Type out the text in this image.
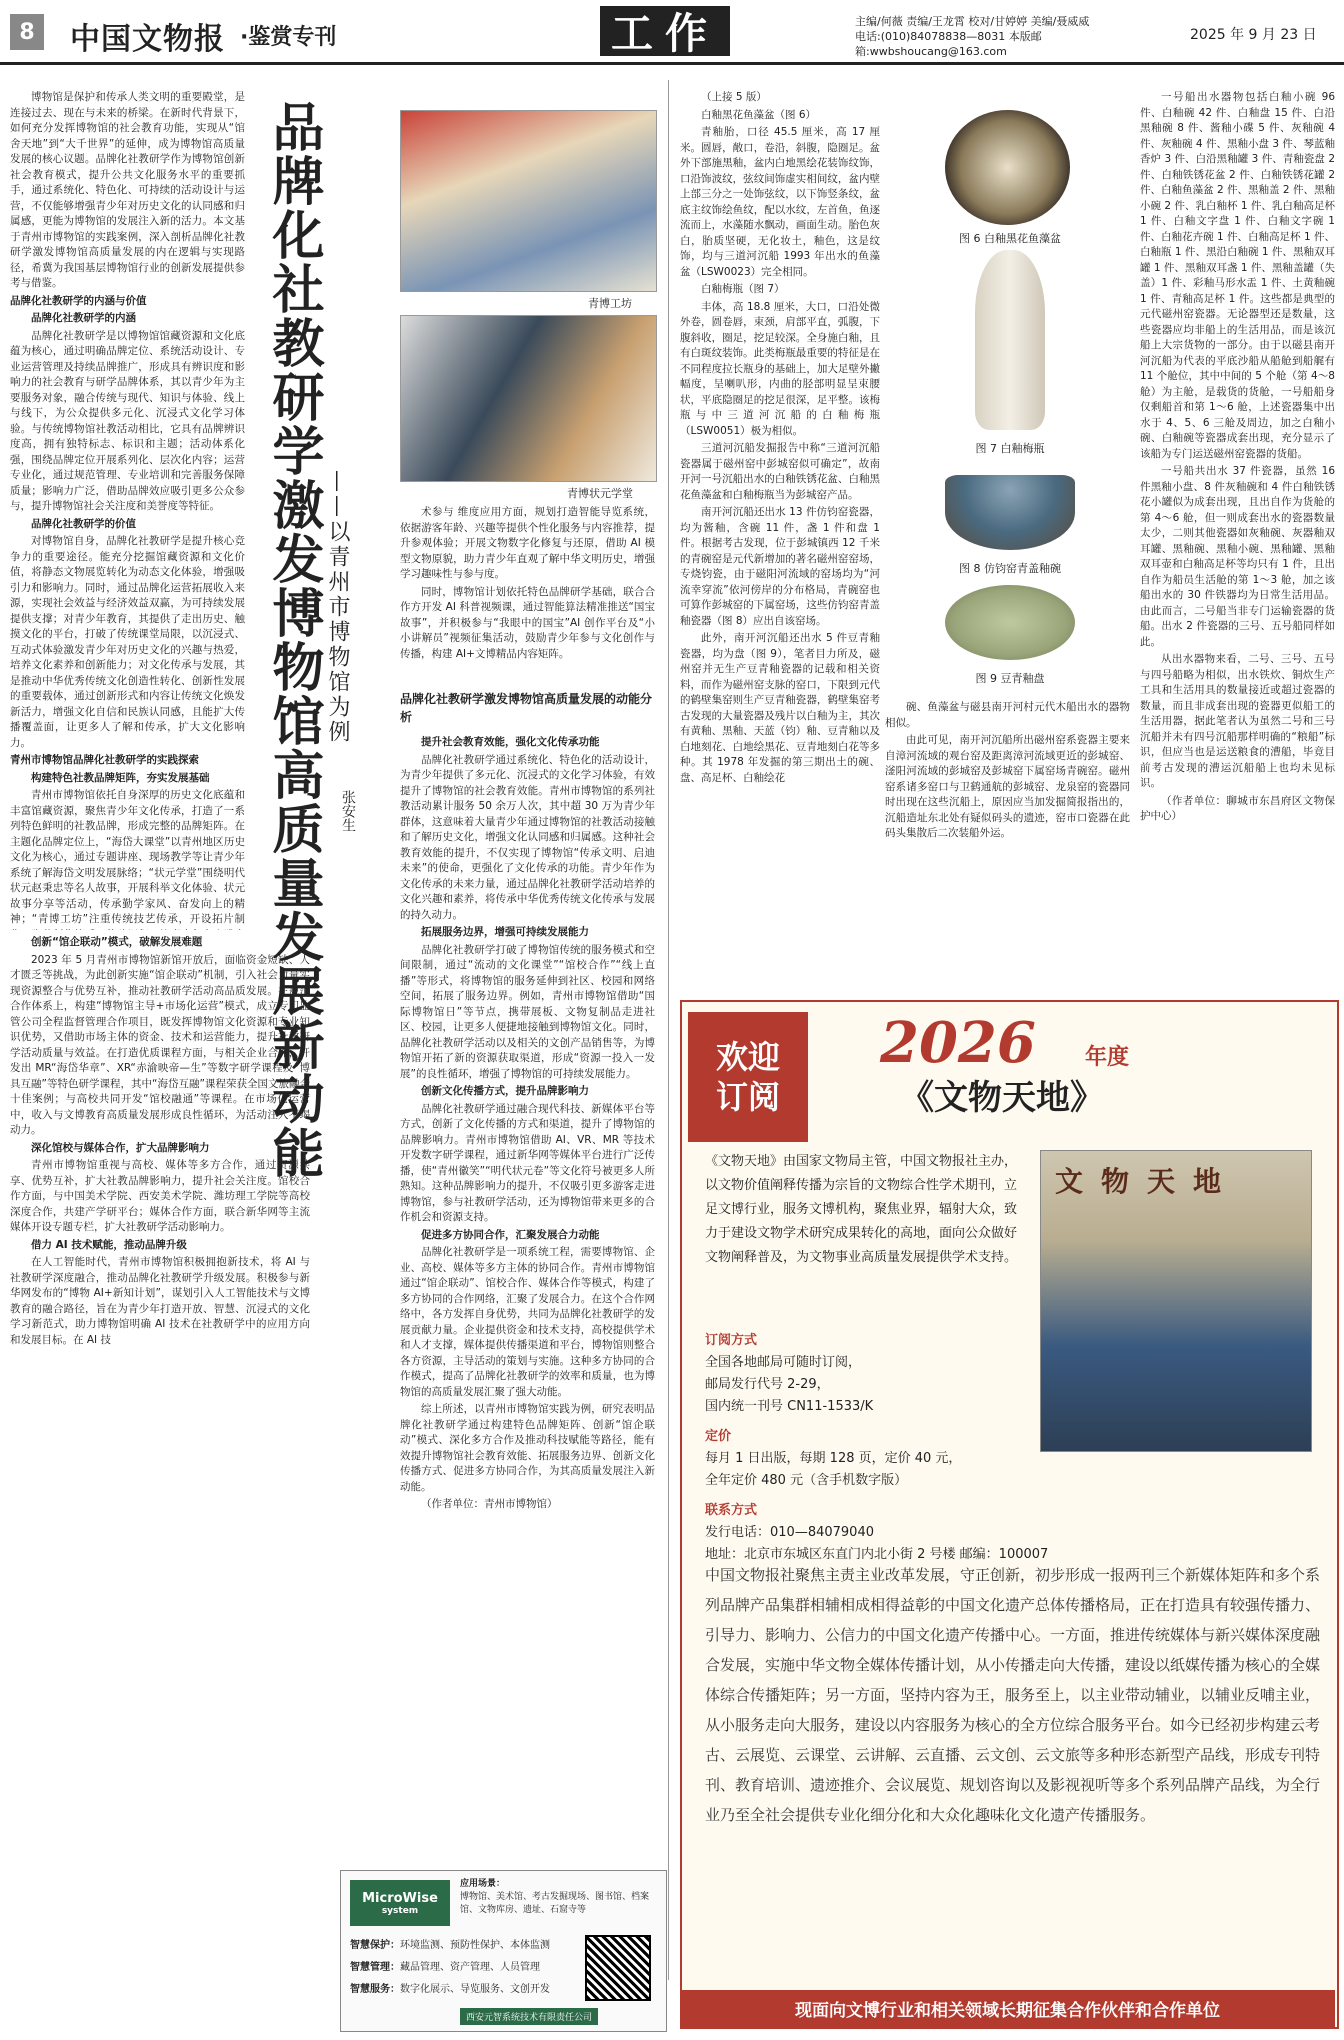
8	中国文物报 ·鉴赏专刊	工作	主编/何薇 责编/王龙霄 校对/甘婷婷 美编/聂威威
电话:(010)84078838—8031 本版邮箱:wwbshoucang@163.com
2025 年 9 月 23 日
品牌化社教研学激发博物馆高质量发展新动能 ——以青州市博物馆为例
张安生

博物馆是保护和传承人类文明的重要殿堂，是连接过去、现在与未来的桥梁。在新时代背景下，如何充分发挥博物馆的社会教育功能，实现从“馆舍天地”到“大千世界”的延伸，成为博物馆高质量发展的核心议题。品牌化社教研学作为博物馆创新社会教育模式，提升公共文化服务水平的重要抓手，通过系统化、特色化、可持续的活动设计与运营，不仅能够增强青少年对历史文化的认同感和归属感，更能为博物馆的发展注入新的活力。本文基于青州市博物馆的实践案例，深入剖析品牌化社教研学激发博物馆高质量发展的内在逻辑与实现路径，希冀为我国基层博物馆行业的创新发展提供参考与借鉴。

品牌化社教研学的内涵与价值

品牌化社教研学的内涵

品牌化社教研学是以博物馆馆藏资源和文化底蕴为核心，通过明确品牌定位、系统活动设计、专业运营管理及持续品牌推广，形成具有辨识度和影响力的社会教育与研学品牌体系，其以青少年为主要服务对象，融合传统与现代、知识与体验、线上与线下，为公众提供多元化、沉浸式文化学习体验。与传统博物馆社教活动相比，它具有品牌辨识度高，拥有独特标志、标识和主题；活动体系化强，围绕品牌定位开展系列化、层次化内容；运营专业化，通过规范管理、专业培训和完善服务保障质量；影响力广泛，借助品牌效应吸引更多公众参与，提升博物馆社会关注度和美誉度等特征。

品牌化社教研学的价值

对博物馆自身，品牌化社教研学是提升核心竞争力的重要途径。能充分挖掘馆藏资源和文化价值，将静态文物展览转化为动态文化体验，增强吸引力和影响力。同时，通过品牌化运营拓展收入来源，实现社会效益与经济效益双赢，为可持续发展提供支撑；对青少年教育，其提供了走出历史、触摸文化的平台，打破了传统课堂局限，以沉浸式、互动式体验激发青少年对历史文化的兴趣与热爱，培养文化素养和创新能力；对文化传承与发展，其是推动中华优秀传统文化创造性转化、创新性发展的重要载体，通过创新形式和内容让传统文化焕发新活力，增强文化自信和民族认同感，且能扩大传播覆盖面，让更多人了解和传承，扩大文化影响力。

青州市博物馆品牌化社教研学的实践探索

构建特色社教品牌矩阵，夯实发展基础

青州市博物馆依托自身深厚的历史文化底蕴和丰富馆藏资源，聚焦青少年文化传承，打造了一系列特色鲜明的社教品牌，形成完整的品牌矩阵。在主题化品牌定位上，“海岱大课堂”以青州地区历史文化为核心，通过专题讲座、现场教学等让青少年系统了解海岱文明发展脉络；“状元学堂”围绕明代状元赵秉忠等名人故事，开展科举文化体验、状元故事分享等活动，传承勤学家风、奋发向上的精神；“青博工坊”注重传统技艺传承，开设拓片制

创新“馆企联动”模式，破解发展难题

2023 年 5 月青州市博物馆新馆开放后，面临资金短缺、人才匮乏等挑战，为此创新实施“馆企联动”机制，引入社会力量实现资源整合与优势互补，推动社教研学活动高品质发展。在规范合作体系上，构建“博物馆主导+市场化运营”模式，成立专门监管公司全程监督管理合作项目，既发挥博物馆文化资源和专业知识优势，又借助市场主体的资金、技术和运营能力，提升社教研学活动质量与效益。在打造优质课程方面，与相关企业合作，开发出 MR“海岱华章”、XR“赤渝映帝—生”等数字研学课程及“博具互融”等特色研学课程，其中“海岱互融”课程荣获全国文旅融合十佳案例；与高校共同开发“馆校融通”等课程。在市场化运营中，收入与文博教育高质量发展形成良性循环，为活动注入不竭动力。

深化馆校与媒体合作，扩大品牌影响力

青州市博物馆重视与高校、媒体等多方合作，通过资源共享、优势互补，扩大社教品牌影响力，提升社会关注度。馆校合作方面，与中国美术学院、西安美术学院、潍坊理工学院等高校深度合作，共建产学研平台；媒体合作方面，联合新华网等主流媒体开设专题专栏，扩大社教研学活动影响力。

借力 AI 技术赋能，推动品牌升级

在人工智能时代，青州市博物馆积极拥抱新技术，将 AI 与社教研学深度融合，推动品牌化社教研学升级发展。积极参与新华网发布的“博物 AI+新知计划”，谋划引入人工智能技术与文博教育的融合路径，旨在为青少年打造开放、智慧、沉浸式的文化学习新范式，助力博物馆明确 AI 技术在社教研学中的应用方向和发展目标。在 AI 技

青博工坊
青博状元学堂

术参与 维度应用方面，规划打造智能导览系统，依据游客年龄、兴趣等提供个性化服务与内容推荐，提升参观体验；开展文物数字化修复与还原，借助 AI 模型文物原貌，助力青少年直观了解中华文明历史，增强学习趣味性与参与度。

同时，博物馆计划依托特色品牌研学基础，联合合作方开发 AI 科普视频课，通过智能算法精准推送“国宝故事”，并积极参与“我眼中的国宝”AI 创作平台及“小小讲解员”视频征集活动，鼓励青少年参与文化创作与传播，构建 AI+文博精品内容矩阵。

品牌化社教研学激发博物馆高质量发展的动能分析

提升社会教育效能，强化文化传承功能

品牌化社教研学通过系统化、特色化的活动设计，为青少年提供了多元化、沉浸式的文化学习体验，有效提升了博物馆的社会教育效能。青州市博物馆的系列社教活动累计服务 50 余万人次，其中超 30 万为青少年群体，这意味着大量青少年通过博物馆的社教活动接触和了解历史文化，增强文化认同感和归属感。这种社会教育效能的提升，不仅实现了博物馆“传承文明、启迪未来”的使命，更强化了文化传承的功能。青少年作为文化传承的未来力量，通过品牌化社教研学活动培养的文化兴趣和素养，将传承中华优秀传统文化传承与发展的持久动力。

拓展服务边界，增强可持续发展能力

品牌化社教研学打破了博物馆传统的服务模式和空间限制，通过“流动的文化课堂”“馆校合作”“线上直播”等形式，将博物馆的服务延伸到社区、校园和网络空间，拓展了服务边界。例如，青州市博物馆借助“国际博物馆日”等节点，携带展板、文物复制品走进社区、校园，让更多人便捷地接触到博物馆文化。同时，品牌化社教研学活动以及相关的文创产品销售等，为博物馆开拓了新的资源获取渠道，形成“资源一投入一发展”的良性循环，增强了博物馆的可持续发展能力。

创新文化传播方式，提升品牌影响力

品牌化社教研学通过融合现代科技、新媒体平台等方式，创新了文化传播的方式和渠道，提升了博物馆的品牌影响力。青州市博物馆借助 AI、VR、MR 等技术开发数字研学课程，通过新华网等媒体平台进行广泛传播，使“青州徽笑”“明代状元卷”等文化符号被更多人所熟知。这种品牌影响力的提升，不仅吸引更多游客走进博物馆，参与社教研学活动，还为博物馆带来更多的合作机会和资源支持。

促进多方协同合作，汇聚发展合力动能

品牌化社教研学是一项系统工程，需要博物馆、企业、高校、媒体等多方主体的协同合作。青州市博物馆通过“馆企联动”、馆校合作、媒体合作等模式，构建了多方协同的合作网络，汇聚了发展合力。在这个合作网络中，各方发挥自身优势，共同为品牌化社教研学的发展贡献力量。企业提供资金和技术支持，高校提供学术和人才支撑，媒体提供传播渠道和平台，博物馆则整合各方资源，主导活动的策划与实施。这种多方协同的合作模式，提高了品牌化社教研学的效率和质量，也为博物馆的高质量发展汇聚了强大动能。

综上所述，以青州市博物馆实践为例，研究表明品牌化社教研学通过构建特色品牌矩阵、创新“馆企联动”模式、深化多方合作及推动科技赋能等路径，能有效提升博物馆社会教育效能、拓展服务边界、创新文化传播方式、促进多方协同合作，为其高质量发展注入新动能。

（作者单位：青州市博物馆）

（上接 5 版）

白釉黑花鱼藻盆（图 6）

青釉胎，口径 45.5 厘米，高 17 厘米。圆唇，敞口，卷沿，斜腹，隐圈足。盆外下部施黑釉，盆内白地黑绘花装饰纹饰，口沿饰波纹，弦纹间饰虚实相间纹，盆内壁上部三分之一处饰弦纹，以下饰竖条纹，盆底主纹饰绘鱼纹，配以水纹，左首鱼，鱼逐流而上，水藻随水飘动，画面生动。胎色灰白，胎质坚硬，无化妆土，釉色，这是纹饰，均与三道河沉船 1993 年出水的鱼藻盆（LSW0023）完全相同。

白釉梅瓶（图 7）

丰体，高 18.8 厘米，大口，口沿处微外卷，圆卷唇，束颈，肩部平直，弧腹，下腹斜收，圈足，挖足较深。全身施白釉，且有白斑纹装饰。此类梅瓶最重要的特征是在不同程度拉长瓶身的基础上，加大足壁外撇幅度，呈喇叭形，内曲的胫部明显呈束腰状，平底隐圈足的挖足很深，足平整。该梅瓶与中三道河沉船的白釉梅瓶（LSW0051）极为相似。

三道河沉船发掘报告中称“三道河沉船瓷器属于磁州窑中彭城窑似可确定”，故南开河一号沉船出水的白釉铁锈花盆、白釉黑花鱼藻盆和白釉梅瓶当为彭城窑产品。

南开河沉船还出水 13 件仿钧窑瓷器，均为酱釉，含碗 11 件，盏 1 件和盘 1 件。根据考古发现，位于彭城镇西 12 千米的青碗窑是元代新增加的著名磁州窑窑场，专烧钧瓷，由于磁阳河流域的窑场均为“河流幸穿流”依河傍岸的分布格局，青碗窑也可算作彭城窑的下属窑场，这些仿钧窑青盖釉瓷器（图 8）应出自该窑场。

此外，南开河沉船还出水 5 件豆青釉瓷器，均为盘（图 9），笔者目力所及，磁州窑并无生产豆青釉瓷器的记载和相关资料，而作为磁州窑支脉的窑口，下限到元代的鹤壁集窑则生产豆青釉瓷器，鹤壁集窑考古发现的大量瓷器及残片以白釉为主，其次有黄釉、黑釉、天蓝（钧）釉、豆青釉以及白地刻花、白地绘黑花、豆青地刻白花等多种。其 1978 年发掘的第三期出土的碗、盘、高足杯、白釉绘花

图 6 白釉黑花鱼藻盆
图 7 白釉梅瓶
图 8 仿钧窑青盖釉碗
图 9 豆青釉盘

碗、鱼藻盆与磁县南开河村元代木船出水的器物相似。

由此可见，南开河沉船所出磁州窑系瓷器主要来自漳河流域的观台窑及距离漳河流域更近的彭城窑、滏阳河流域的彭城窑及彭城窑下属窑场青碗窑。磁州窑系诸多窑口与卫鹤通航的彭城窑、龙泉窑的瓷器同时出现在这些沉船上，原因应当加发掘简报指出的，沉船造址东北处有疑似码头的遗迹，窑市口瓷器在此码头集散后二次装船外运。

一号船出水器物包括白釉小碗 96 件、白釉碗 42 件、白釉盘 15 件、白沿黑釉碗 8 件、酱釉小碟 5 件、灰釉碗 4 件、灰釉碗 4 件、黑釉小盘 3 件、琴蓝釉香炉 3 件、白沿黑釉罐 3 件、青釉瓷盘 2 件、白釉铁锈花盆 2 件、白釉铁锈花罐 2 件、白釉鱼藻盆 2 件、黑釉盖 2 件、黑釉小碗 2 件、乳白釉杯 1 件、乳白釉高足杯 1 件、白釉文字盘 1 件、白釉文字碗 1 件、白釉花卉碗 1 件、白釉高足杯 1 件、白釉瓶 1 件、黑沿白釉碗 1 件、黑釉双耳罐 1 件、黑釉双耳盏 1 件、黑釉盖罐（失盖）1 件、彩釉马形水盂 1 件、土黄釉碗 1 件、青釉高足杯 1 件。这些都是典型的元代磁州窑瓷器。无论器型还是数量，这些瓷器应均非船上的生活用品，而是该沉船上大宗货物的一部分。由于以磁县南开河沉船为代表的平底沙船从船舱到船艉有 11 个舱位，其中中间的 5 个舱（第 4～8 舱）为主舱，是载货的货舱，一号船船身仅剩船首和第 1～6 舱，上述瓷器集中出水于 4、5、6 三舱及周边，加之白釉小碗、白釉碗等瓷器成套出现，充分显示了该船为专门运送磁州窑瓷器的货船。

一号船共出水 37 件瓷器，虽然 16 件黑釉小盘、8 件灰釉碗和 4 件白釉铁锈花小罐似为成套出现，且出自作为货舱的第 4～6 舱，但一则成套出水的瓷器数量太少，二则其他瓷器如灰釉碗、灰器釉双耳罐、黑釉碗、黑釉小碗、黑釉罐、黑釉双耳壶和白釉高足杯等均只有 1 件，且出自作为船员生活舱的第 1～3 舱，加之该船出水的 30 件铁器均为日常生活用品。由此而言，二号船当非专门运输瓷器的货船。出水 2 件瓷器的三号、五号船同样如此。

从出水器物来看，二号、三号、五号与四号船略为相似，出水铁炊、铜炊生产工具和生活用具的数量接近或超过瓷器的数量，而且非成套出现的瓷器更似船工的生活用器，据此笔者认为虽然二号和三号沉船并未有四号沉船那样明确的“粮船”标识，但应当也是运送粮食的漕船，毕竟目前考古发现的漕运沉船船上也均未见标识。

（作者单位：聊城市东昌府区文物保护中心）

欢迎
订阅
2026 年度
《文物天地》
《文物天地》由国家文物局主管，中国文物报社主办，以文物价值阐释传播为宗旨的文物综合性学术期刊，立足文博行业，服务文博机构，聚焦业界，辐射大众，致力于建设文物学术研究成果转化的高地，面向公众做好文物阐释普及，为文物事业高质量发展提供学术支持。
文物天地
订阅方式
全国各地邮局可随时订阅，
邮局发行代号 2-29，
国内统一刊号 CN11-1533/K
定价
每月 1 日出版，每期 128 页，定价 40 元，
全年定价 480 元（含手机数字版）
联系方式
发行电话：010—84079040
地址：北京市东城区东直门内北小街 2 号楼 邮编：100007
中国文物报社聚焦主责主业改革发展，守正创新，初步形成一报两刊三个新媒体矩阵和多个系列品牌产品集群相辅相成相得益彰的中国文化遗产总体传播格局，正在打造具有较强传播力、引导力、影响力、公信力的中国文化遗产传播中心。一方面，推进传统媒体与新兴媒体深度融合发展，实施中华文物全媒体传播计划，从小传播走向大传播，建设以纸媒传播为核心的全媒体综合传播矩阵；另一方面，坚持内容为王，服务至上，以主业带动辅业，以辅业反哺主业，从小服务走向大服务，建设以内容服务为核心的全方位综合服务平台。如今已经初步构建云考古、云展览、云课堂、云讲解、云直播、云文创、云文旅等多种形态新型产品线，形成专刊特刊、教育培训、遗迹推介、会议展览、规划咨询以及影视视听等多个系列品牌产品线，为全行业乃至全社会提供专业化细分化和大众化趣味化文化遗产传播服务。
现面向文博行业和相关领域长期征集合作伙伴和合作单位
MicroWise
system
应用场景：
博物馆、美术馆、考古发掘现场、图书馆、档案馆、文物库房、遗址、石窟寺等
智慧保护：环境监测、预防性保护、本体监测
智慧管理：藏品管理、资产管理、人员管理
智慧服务：数字化展示、导览服务、文创开发
西安元智系统技术有限责任公司
